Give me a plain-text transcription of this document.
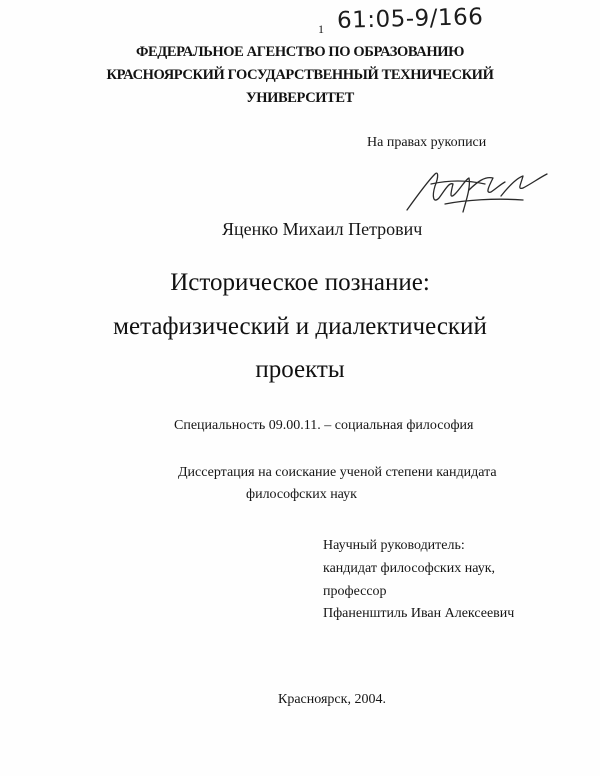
61:05-9/166
1
ФЕДЕРАЛЬНОЕ АГЕНСТВО ПО ОБРАЗОВАНИЮ
КРАСНОЯРСКИЙ ГОСУДАРСТВЕННЫЙ ТЕХНИЧЕСКИЙ
УНИВЕРСИТЕТ
На правах рукописи
Яценко Михаил Петрович
Историческое познание:
метафизический и диалектический
проекты
Специальность 09.00.11. – социальная философия
Диссертация на соискание ученой степени кандидата
философских наук
Научный руководитель:
кандидат философских наук,
профессор
Пфаненштиль Иван Алексеевич
Красноярск, 2004.
